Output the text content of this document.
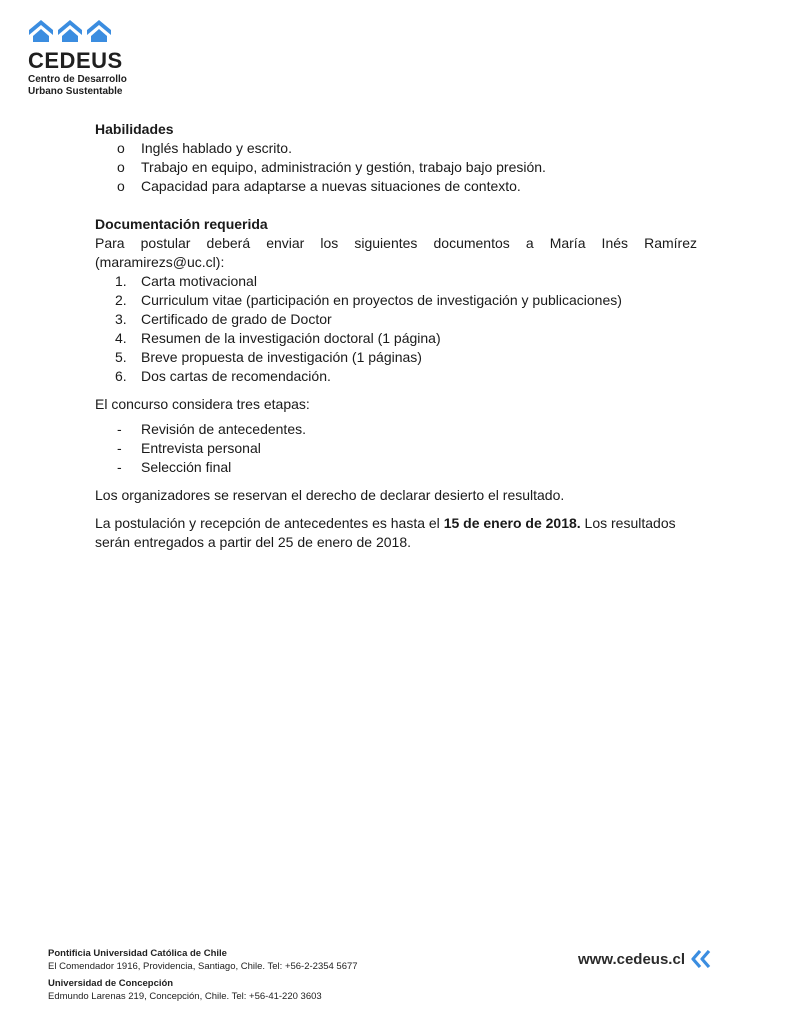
CEDEUS
Centro de Desarrollo
Urbano Sustentable
Habilidades
o Inglés hablado y escrito.
o Trabajo en equipo, administración y gestión, trabajo bajo presión.
o Capacidad para adaptarse a nuevas situaciones de contexto.
Documentación requerida
Para postular deberá enviar los siguientes documentos a María Inés Ramírez
(maramirezs@uc.cl):
1. Carta motivacional
2. Curriculum vitae (participación en proyectos de investigación y publicaciones)
3. Certificado de grado de Doctor
4. Resumen de la investigación doctoral (1 página)
5. Breve propuesta de investigación (1 páginas)
6. Dos cartas de recomendación.
El concurso considera tres etapas:
- Revisión de antecedentes.
- Entrevista personal
- Selección final
Los organizadores se reservan el derecho de declarar desierto el resultado.
La postulación y recepción de antecedentes es hasta el 15 de enero de 2018. Los resultados
serán entregados a partir del 25 de enero de 2018.
Pontificia Universidad Católica de Chile
El Comendador 1916, Providencia, Santiago, Chile. Tel: +56-2-2354 5677
Universidad de Concepción
Edmundo Larenas 219, Concepción, Chile. Tel: +56-41-220 3603
www.cedeus.cl
